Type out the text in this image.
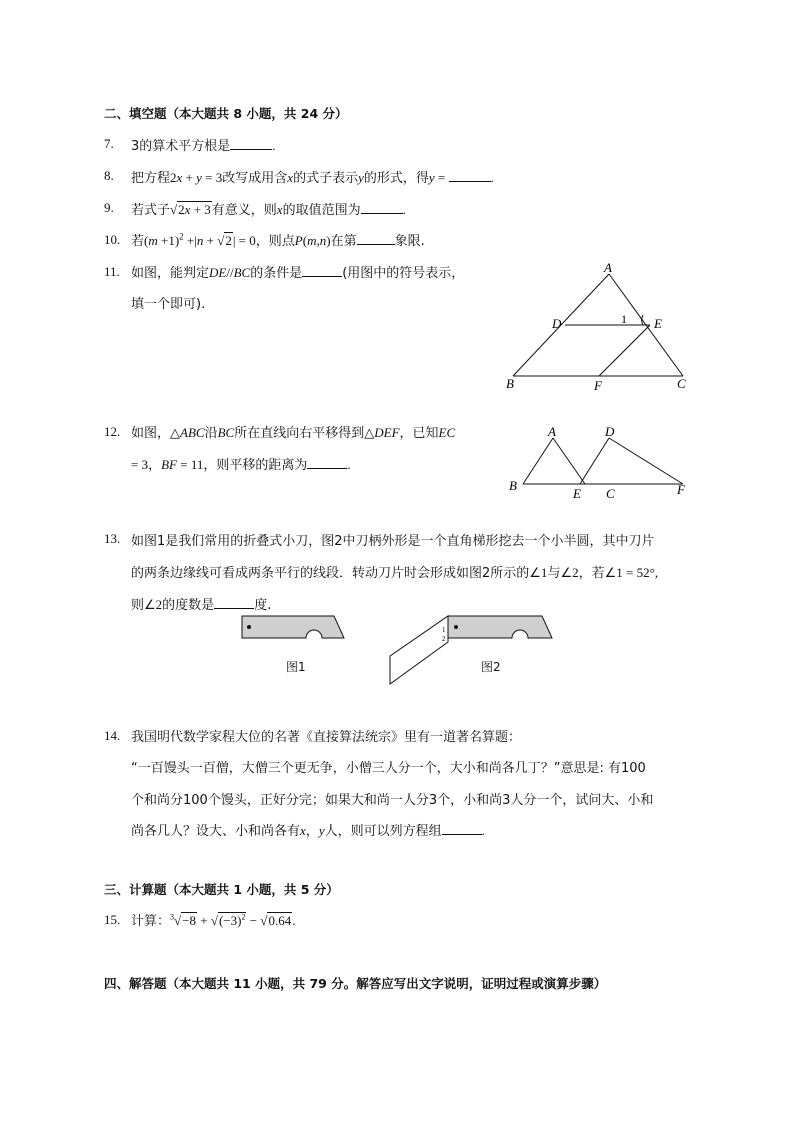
二、填空题（本大题共 8 小题，共 24 分）
7. 3的算术平方根是	.
8. 把方程2x + y = 3改写成用含x的式子表示y的形式，得y =	.
9. 若式子√2x + 3有意义，则x的取值范围为	.
10. 若$(m +1)^2 +|n + √2| = 0$，则点P(m,n)在第	象限.
11. 如图，能判定DE//BC的条件是	(用图中的符号表示，
填一个即可).
A
D	1 E
B	F	C
12. 如图，△ABC沿BC所在直线向右平移得到△DEF，已知EC
= 3，BF = 11，则平移的距离为	.
A	D
B
E C	F
13. 如图1是我们常用的折叠式小刀，图2中刀柄外形是一个直角梯形挖去一个小半圆，其中刀片
的两条边缘线可看成两条平行的线段．转动刀片时会形成如图2所示的∠1与∠2，若∠1 = 52°,
则∠2的度数是	度.
图1
1
2
图2
14. 我国明代数学家程大位的名著《直接算法统宗》里有一道著名算题：
“一百馒头一百僧，大僧三个更无争，小僧三人分一个，大小和尚各几丁？”意思是: 有100
个和尚分100个馒头，正好分完；如果大和尚一人分3个，小和尚3人分一个，试问大、小和
尚各几人？设大、小和尚各有x，y人，则可以列方程组	.
三、计算题（本大题共 1 小题，共 5 分）
15. 计算：$^3√-8 + √(-3)^2 - √0.64$.
四、解答题（本大题共 11 小题，共 79 分。解答应写出文字说明，证明过程或演算步骤）
